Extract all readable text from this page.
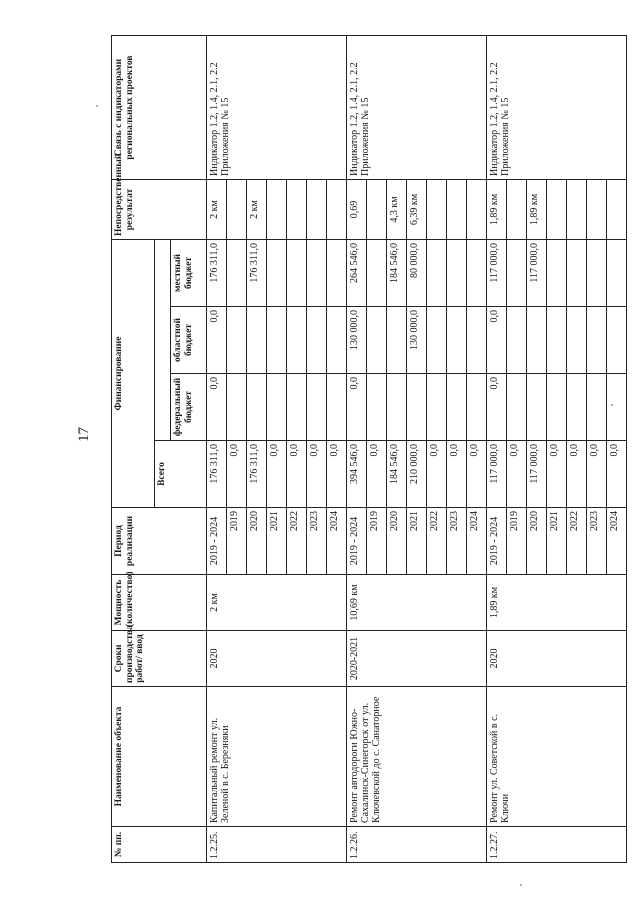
17
№ пп.	Наименование объекта	Сроки производства работ/ ввод	Мощность (количество)	Период реализации	Финансирование				Непосредственный результат	Связь с индикаторами региональных проектов
					Всего					
						федеральный бюджет	областной бюджет	местный бюджет		
1.2.25.	Капитальный ремонт ул. Зеленой в с. Березняки	2020	2 км	2019 - 2024	176 311,0	0,0	0,0	176 311,0	2 км	Индикатор 1.2, 1.4, 2.1, 2.2 Приложения № 15
				2019	0,0					
				2020	176 311,0			176 311,0	2 км	
				2021	0,0					
				2022	0,0					
				2023	0,0					
				2024	0,0					
1.2.26.	Ремонт автодороги Южно-Сахалинск-Синегорск от ул. Ключевской до с. Санаторное	2020-2021	10,69 км	2019 - 2024	394 546,0	0,0	130 000,0	264 546,0	0,69	Индикатор 1.2, 1.4, 2.1, 2.2 Приложения № 15
				2019	0,0					
				2020	184 546,0			184 546,0	4,3 км	
				2021	210 000,0		130 000,0	80 000,0	6,39 км	
				2022	0,0					
				2023	0,0					
				2024	0,0					
1.2.27.	Ремонт ул. Советской в с. Ключи	2020	1,89 км	2019 - 2024	117 000,0	0,0	0,0	117 000,0	1,89 км	Индикатор 1.2, 1.4, 2.1, 2.2 Приложения № 15
				2019	0,0					
				2020	117 000,0			117 000,0	1,89 км	
				2021	0,0					
				2022	0,0					
				2023	0,0					
				2024	0,0					
